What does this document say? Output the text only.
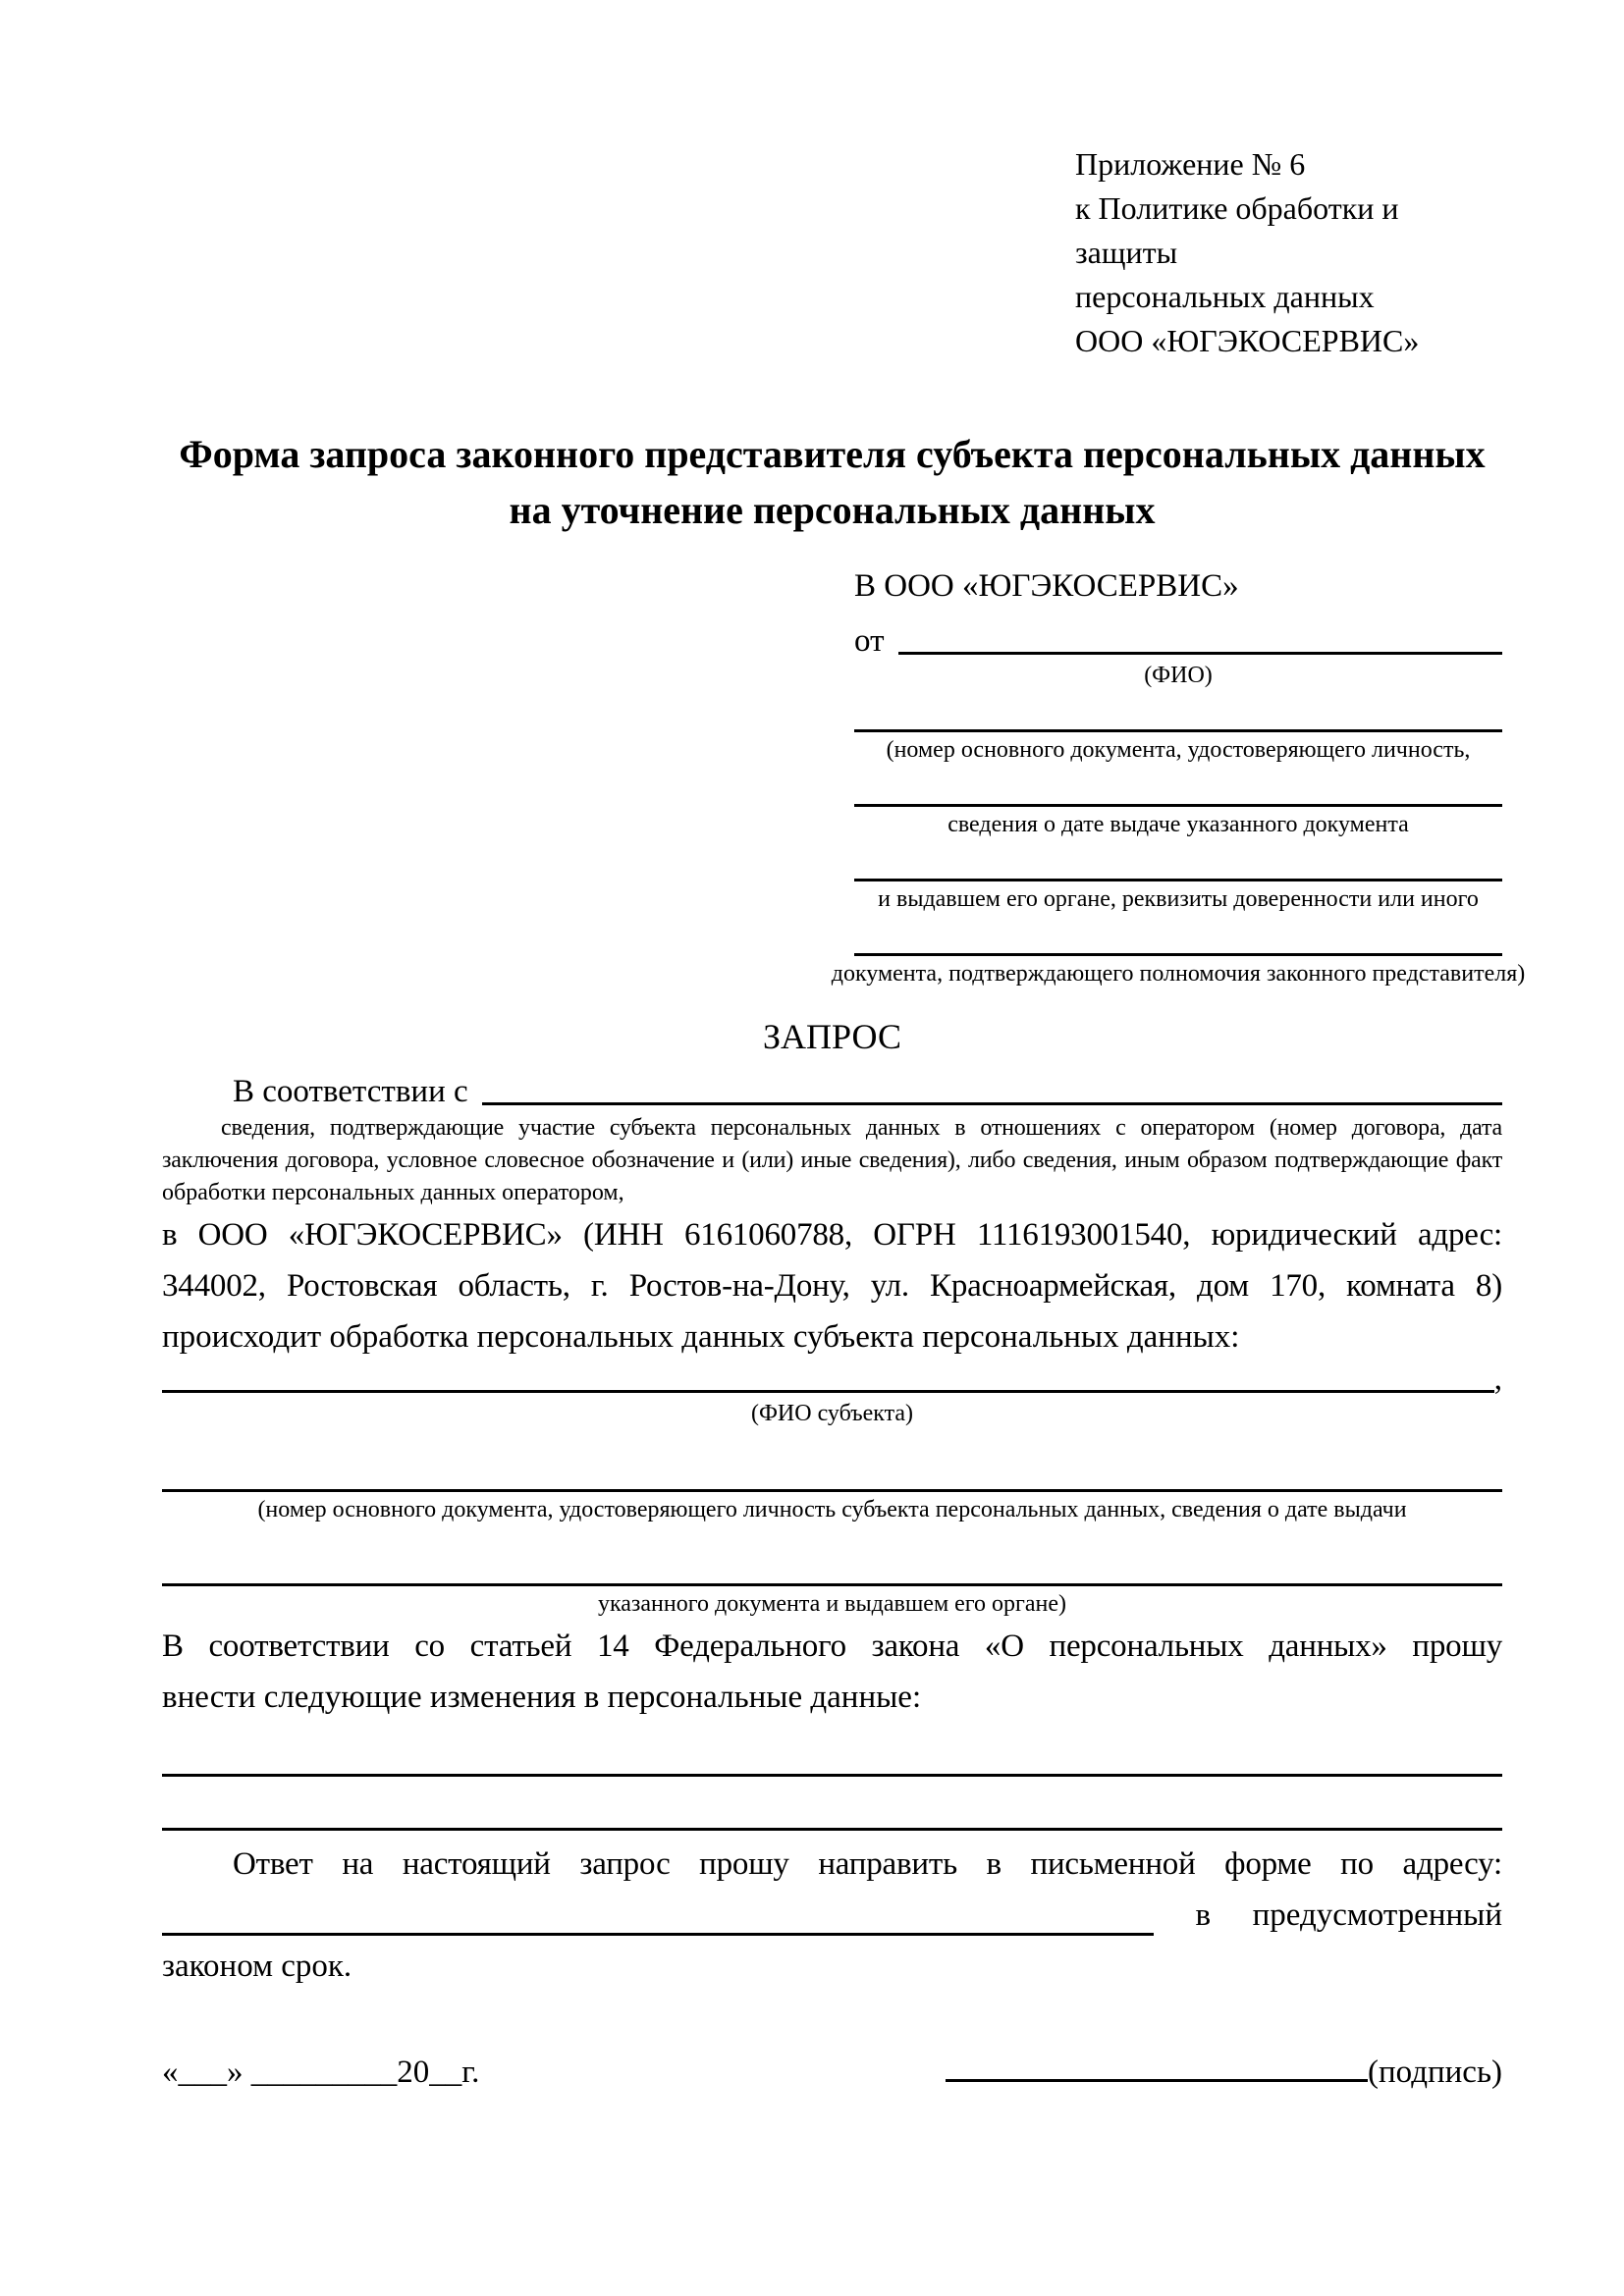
Приложение № 6
к Политике обработки и защиты
персональных данных
ООО «ЮГЭКОСЕРВИС»
Форма запроса законного представителя субъекта персональных данных
на уточнение персональных данных
В ООО «ЮГЭКОСЕРВИС»
от
(ФИО)
(номер основного документа, удостоверяющего личность,
сведения о дате выдаче указанного документа
и выдавшем его органе, реквизиты доверенности или иного
документа, подтверждающего полномочия законного представителя)
ЗАПРОС
В соответствии с
сведения, подтверждающие участие субъекта персональных данных в отношениях с оператором (номер договора, дата
заключения договора, условное словесное обозначение и (или) иные сведения), либо сведения, иным образом подтверждающие факт
обработки персональных данных оператором,
в ООО «ЮГЭКОСЕРВИС» (ИНН 6161060788, ОГРН 1116193001540, юридический адрес:
344002, Ростовская область, г. Ростов-на-Дону, ул. Красноармейская, дом 170, комната 8)
происходит обработка персональных данных субъекта персональных данных:
,
(ФИО субъекта)
(номер основного документа, удостоверяющего личность субъекта персональных данных, сведения о дате выдачи
указанного документа и выдавшем его органе)
В соответствии со статьей 14 Федерального закона «О персональных данных» прошу
внести следующие изменения в персональные данные:
Ответ на настоящий запрос прошу направить в письменной форме по адресу:
в предусмотренный
законом срок.
«___» _________20__г.	(подпись)
